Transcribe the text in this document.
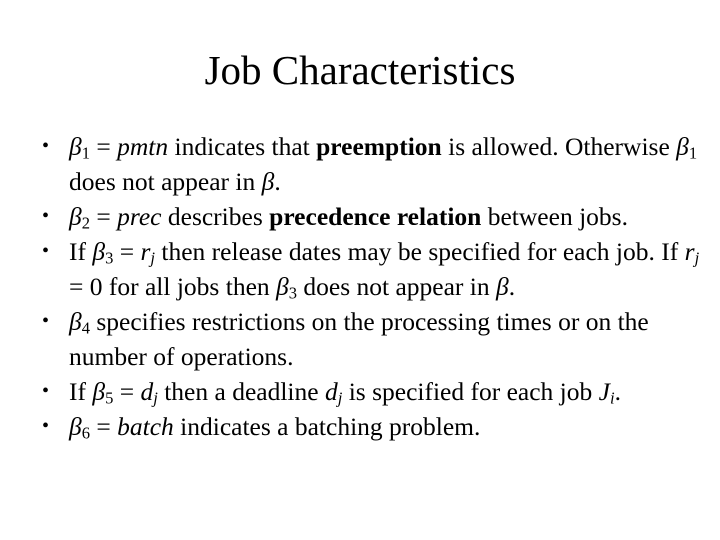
Job Characteristics
• $\beta_1$ = pmtn indicates that preemption is allowed. Otherwise $\beta_1$ does not appear in β.
• $\beta_2$ = prec describes precedence relation between jobs.
• If $\beta_3 = r_j$ then release dates may be specified for each job. If $r_j = 0$ for all jobs then $\beta_3$ does not appear in β.
• $\beta_4$ specifies restrictions on the processing times or on the number of operations.
• If $\beta_5 = d_j$ then a deadline $d_j$ is specified for each job $J_i$.
• $\beta_6$ = batch indicates a batching problem.
